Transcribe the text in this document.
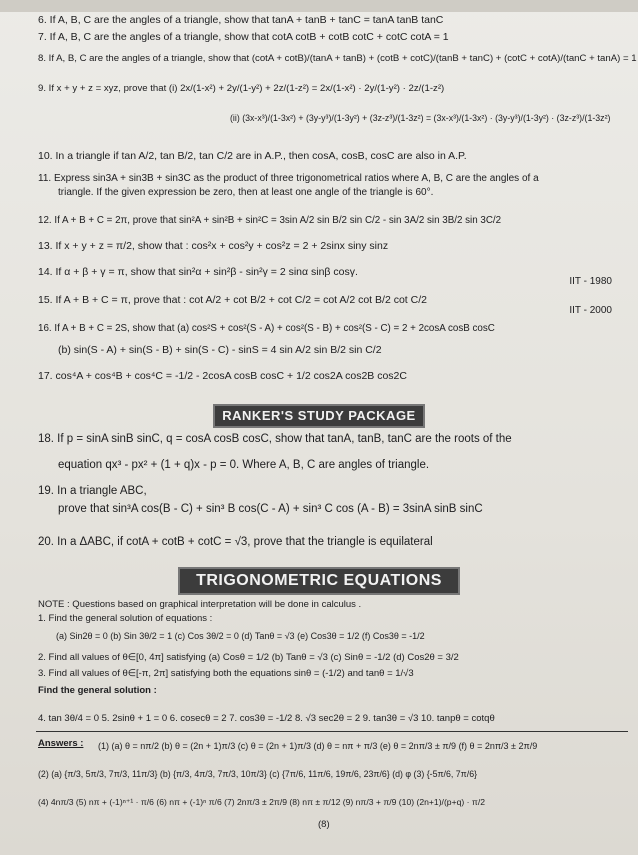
6. If A, B, C are the angles of a triangle, show that tanA + tanB + tanC = tanA tanB tanC
7. If A, B, C are the angles of a triangle, show that cotA cotB + cotB cotC + cotC cotA = 1
8. If A, B, C are the angles of a triangle, show that (cotA + cotB)/(tanA + tanB) + (cotB + cotC)/(tanB + tanC) + (cotC + cotA)/(tanC + tanA) = 1
9. If x + y + z = xyz, prove that (i) 2x/(1-x²) + 2y/(1-y²) + 2z/(1-z²) = 2x/(1-x²) · 2y/(1-y²) · 2z/(1-z²)
(ii) (3x-x³)/(1-3x²) + (3y-y³)/(1-3y²) + (3z-z³)/(1-3z²) = (3x-x³)/(1-3x²) · (3y-y³)/(1-3y²) · (3z-z³)/(1-3z²)
10. In a triangle if tan A/2, tan B/2, tan C/2 are in A.P., then cosA, cosB, cosC are also in A.P.
11. Express sin3A + sin3B + sin3C as the product of three trigonometrical ratios where A, B, C are the angles of a
triangle. If the given expression be zero, then at least one angle of the triangle is 60°.
12. If A + B + C = 2π, prove that sin²A + sin²B + sin²C = 3sin A/2 sin B/2 sin C/2 - sin 3A/2 sin 3B/2 sin 3C/2
13. If x + y + z = π/2, show that : cos²x + cos²y + cos²z = 2 + 2sinx siny sinz
14. If α + β + γ = π, show that sin²α + sin²β - sin²γ = 2 sinα sinβ cosγ.
IIT - 1980
15. If A + B + C = π, prove that : cot A/2 + cot B/2 + cot C/2 = cot A/2 cot B/2 cot C/2
IIT - 2000
16. If A + B + C = 2S, show that (a) cos²S + cos²(S - A) + cos²(S - B) + cos²(S - C) = 2 + 2cosA cosB cosC
(b) sin(S - A) + sin(S - B) + sin(S - C) - sinS = 4 sin A/2 sin B/2 sin C/2
17. cos⁴A + cos⁴B + cos⁴C = -1/2 - 2cosA cosB cosC + 1/2 cos2A cos2B cos2C
RANKER'S STUDY PACKAGE
18. If p = sinA sinB sinC, q = cosA cosB cosC, show that tanA, tanB, tanC are the roots of the
equation qx³ - px² + (1 + q)x - p = 0. Where A, B, C are angles of triangle.
19. In a triangle ABC,
prove that sin³A cos(B - C) + sin³ B cos(C - A) + sin³ C cos (A - B) = 3sinA sinB sinC
20. In a ΔABC, if cotA + cotB + cotC = √3, prove that the triangle is equilateral
TRIGONOMETRIC EQUATIONS
NOTE : Questions based on graphical interpretation will be done in calculus .
1. Find the general solution of equations :
(a) Sin2θ = 0 (b) Sin 3θ/2 = 1 (c) Cos 3θ/2 = 0 (d) Tanθ = √3 (e) Cos3θ = 1/2 (f) Cos3θ = -1/2
2. Find all values of θ∈[0, 4π] satisfying (a) Cosθ = 1/2 (b) Tanθ = √3 (c) Sinθ = -1/2 (d) Cos2θ = 3/2
3. Find all values of θ∈[-π, 2π] satisfying both the equations sinθ = (-1/2) and tanθ = 1/√3
Find the general solution :
4. tan 3θ/4 = 0 5. 2sinθ + 1 = 0 6. cosecθ = 2 7. cos3θ = -1/2 8. √3 sec2θ = 2 9. tan3θ = √3 10. tanpθ = cotqθ
Answers :	(1) (a) θ = nπ/2 (b) θ = (2n + 1)π/3 (c) θ = (2n + 1)π/3 (d) θ = nπ + π/3 (e) θ = 2nπ/3 ± π/9 (f) θ = 2nπ/3 ± 2π/9
(2) (a) {π/3, 5π/3, 7π/3, 11π/3} (b) {π/3, 4π/3, 7π/3, 10π/3} (c) {7π/6, 11π/6, 19π/6, 23π/6} (d) φ (3) {-5π/6, 7π/6}
(4) 4nπ/3 (5) nπ + (-1)ⁿ⁺¹ · π/6 (6) nπ + (-1)ⁿ π/6 (7) 2nπ/3 ± 2π/9 (8) nπ ± π/12 (9) nπ/3 + π/9 (10) (2n+1)/(p+q) · π/2
(8)
